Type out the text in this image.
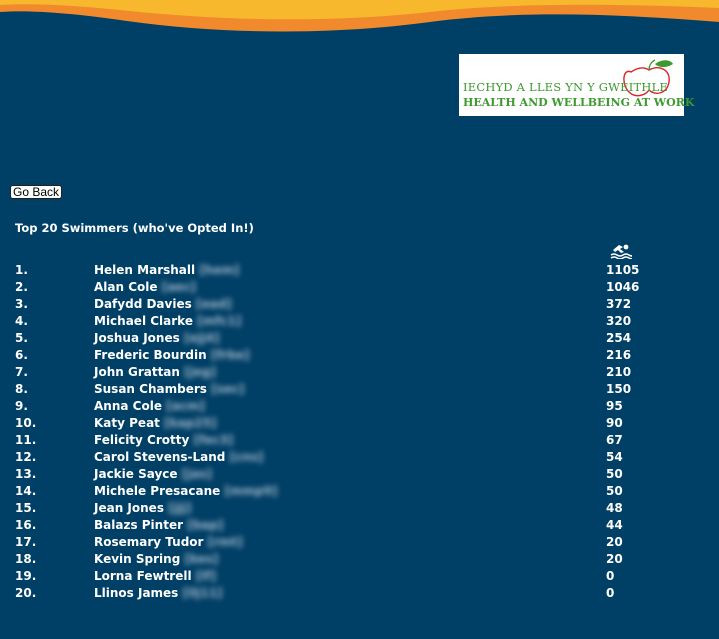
IECHYD A LLES YN Y GWEITHLE
HEALTH AND WELLBEING AT WORK
Go Back
Top 20 Swimmers (who've Opted In!)
1.	Helen Marshall [hem]	1105
2.	Alan Cole [aec]	1046
3.	Dafydd Davies [ead]	372
4.	Michael Clarke [mfc1]	320
5.	Joshua Jones [ejj4]	254
6.	Frederic Bourdin [frbe]	216
7.	John Grattan [jeg]	210
8.	Susan Chambers [sec]	150
9.	Anna Cole [acm]	95
10.	Katy Peat [kap25]	90
11.	Felicity Crotty [fec3]	67
12.	Carol Stevens-Land [cns]	54
13.	Jackie Sayce [jas]	50
14.	Michele Presacane [mmp9]	50
15.	Jean Jones [jjj]	48
16.	Balazs Pinter [bap]	44
17.	Rosemary Tudor [rmt]	20
18.	Kevin Spring [kes]	20
19.	Lorna Fewtrell [lf]	0
20.	Llinos James [llj11]	0
